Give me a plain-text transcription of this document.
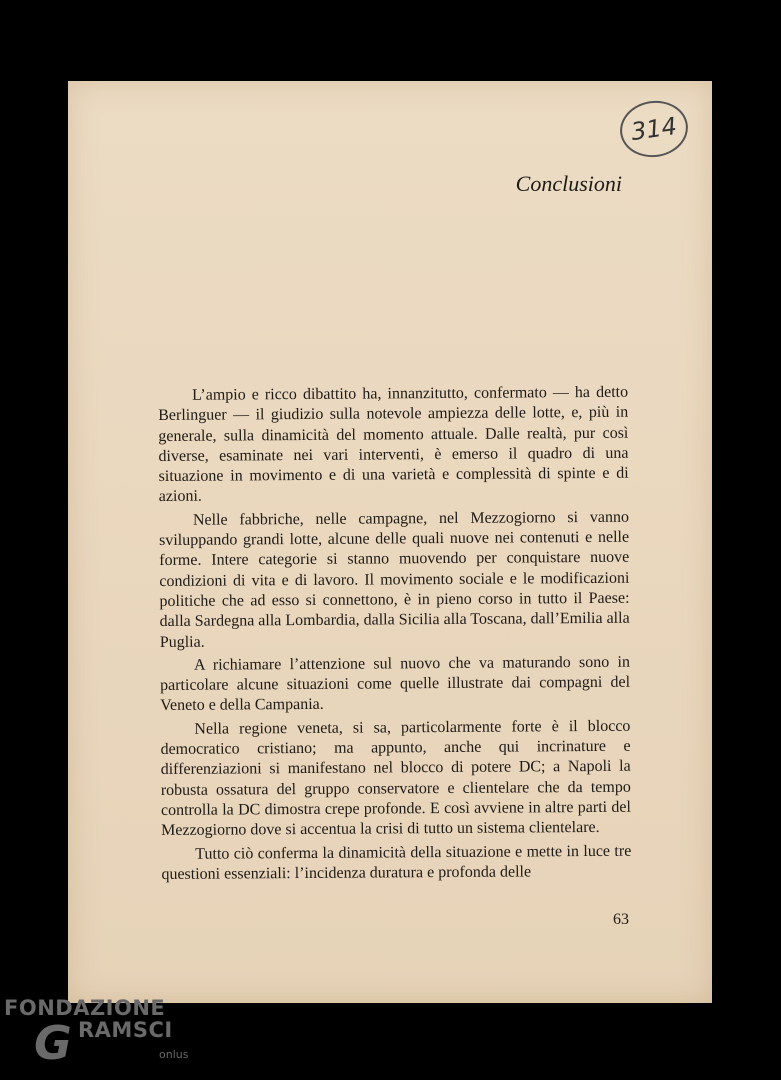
314
Conclusioni

L’ampio e ricco dibattito ha, innanzitutto, confermato — ha detto Berlinguer — il giudizio sulla notevole ampiezza delle lotte, e, più in generale, sulla dinamicità del momento attuale. Dalle realtà, pur così diverse, esaminate nei vari interventi, è emerso il quadro di una situazione in movimento e di una varietà e complessità di spinte e di azioni.

Nelle fabbriche, nelle campagne, nel Mezzogiorno si vanno sviluppando grandi lotte, alcune delle quali nuove nei contenuti e nelle forme. Intere categorie si stanno muovendo per conquistare nuove condizioni di vita e di lavoro. Il movimento sociale e le modificazioni politiche che ad esso si connettono, è in pieno corso in tutto il Paese: dalla Sardegna alla Lombardia, dalla Sicilia alla Toscana, dall’Emilia alla Puglia.

A richiamare l’attenzione sul nuovo che va maturando sono in particolare alcune situazioni come quelle illustrate dai compagni del Veneto e della Campania.

Nella regione veneta, si sa, particolarmente forte è il blocco democratico cristiano; ma appunto, anche qui incrinature e differenziazioni si manifestano nel blocco di potere DC; a Napoli la robusta ossatura del gruppo conservatore e clientelare che da tempo controlla la DC dimostra crepe profonde. E così avviene in altre parti del Mezzogiorno dove si accentua la crisi di tutto un sistema clientelare.

Tutto ciò conferma la dinamicità della situazione e mette in luce tre questioni essenziali: l’incidenza duratura e profonda delle

63
FONDAZIONE
G RAMSCI
onlus
